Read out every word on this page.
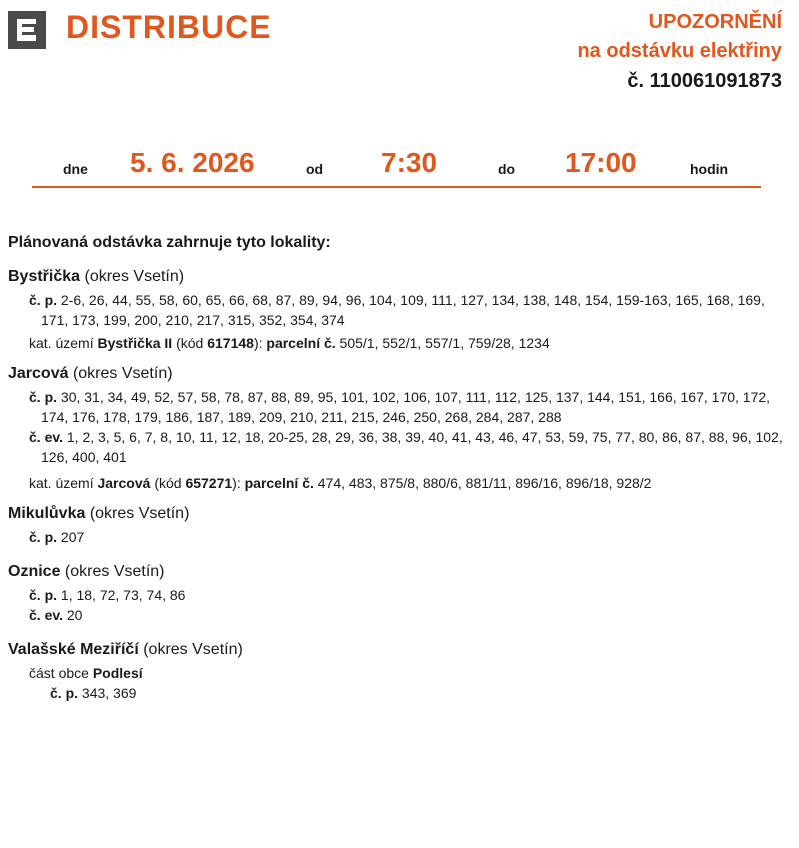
DISTRIBUCE	UPOZORNĚNÍ
na odstávku elektřiny
č. 110061091873
dne 5. 6. 2026	od 7:30	do 17:00	hodin
Plánovaná odstávka zahrnuje tyto lokality:
Bystřička (okres Vsetín)
č. p. 2-6, 26, 44, 55, 58, 60, 65, 66, 68, 87, 89, 94, 96, 104, 109, 111, 127, 134, 138, 148, 154, 159-163, 165, 168, 169, 171, 173, 199, 200, 210, 217, 315, 352, 354, 374
kat. území Bystřička II (kód 617148): parcelní č. 505/1, 552/1, 557/1, 759/28, 1234
Jarcová (okres Vsetín)
č. p. 30, 31, 34, 49, 52, 57, 58, 78, 87, 88, 89, 95, 101, 102, 106, 107, 111, 112, 125, 137, 144, 151, 166, 167, 170, 172, 174, 176, 178, 179, 186, 187, 189, 209, 210, 211, 215, 246, 250, 268, 284, 287, 288
č. ev. 1, 2, 3, 5, 6, 7, 8, 10, 11, 12, 18, 20-25, 28, 29, 36, 38, 39, 40, 41, 43, 46, 47, 53, 59, 75, 77, 80, 86, 87, 88, 96, 102, 126, 400, 401
kat. území Jarcová (kód 657271): parcelní č. 474, 483, 875/8, 880/6, 881/11, 896/16, 896/18, 928/2
Mikulůvka (okres Vsetín)
č. p. 207
Oznice (okres Vsetín)
č. p. 1, 18, 72, 73, 74, 86
č. ev. 20
Valašské Meziříčí (okres Vsetín)
část obce Podlesí
č. p. 343, 369
